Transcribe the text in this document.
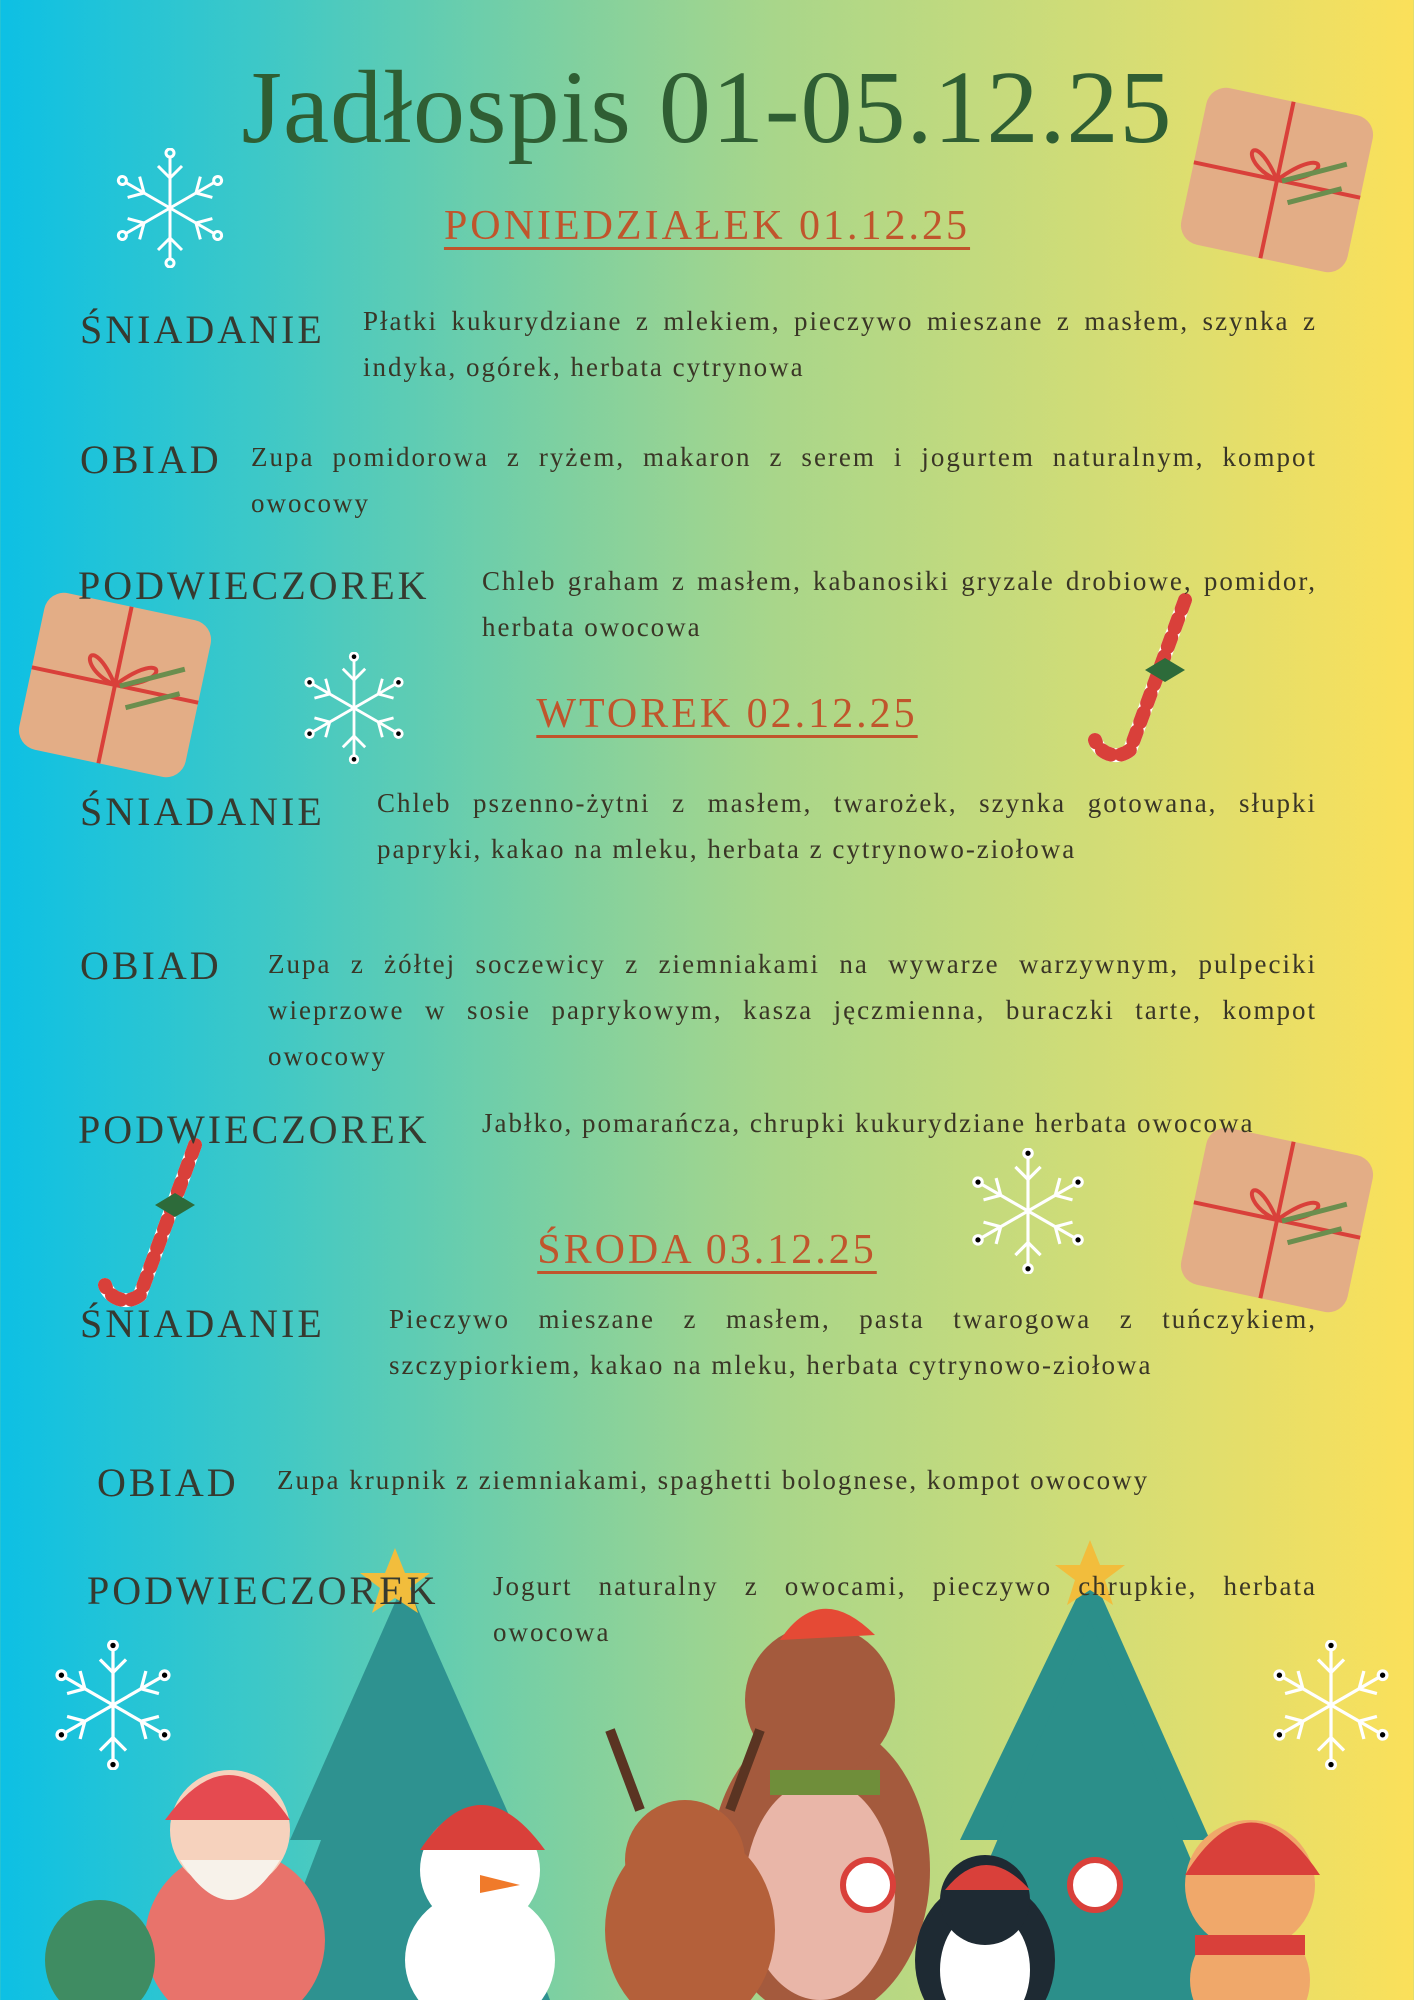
Jadłospis 01-05.12.25
PONIEDZIAŁEK 01.12.25
ŚNIADANIE Płatki kukurydziane z mlekiem, pieczywo mieszane z masłem, szynka z indyka, ogórek, herbata cytrynowa
OBIAD Zupa pomidorowa z ryżem, makaron z serem i jogurtem naturalnym, kompot owocowy
PODWIECZOREK Chleb graham z masłem, kabanosiki gryzale drobiowe, pomidor, herbata owocowa
WTOREK 02.12.25
ŚNIADANIE Chleb pszenno-żytni z masłem, twarożek, szynka gotowana, słupki papryki, kakao na mleku, herbata z cytrynowo-ziołowa
OBIAD Zupa z żółtej soczewicy z ziemniakami na wywarze warzywnym, pulpeciki wieprzowe w sosie paprykowym, kasza jęczmienna, buraczki tarte, kompot owocowy
PODWIECZOREK Jabłko, pomarańcza, chrupki kukurydziane herbata owocowa
ŚRODA 03.12.25
ŚNIADANIE Pieczywo mieszane z masłem, pasta twarogowa z tuńczykiem, szczypiorkiem, kakao na mleku, herbata cytrynowo-ziołowa
OBIAD Zupa krupnik z ziemniakami, spaghetti bolognese, kompot owocowy
PODWIECZOREK Jogurt naturalny z owocami, pieczywo chrupkie, herbata owocowa
